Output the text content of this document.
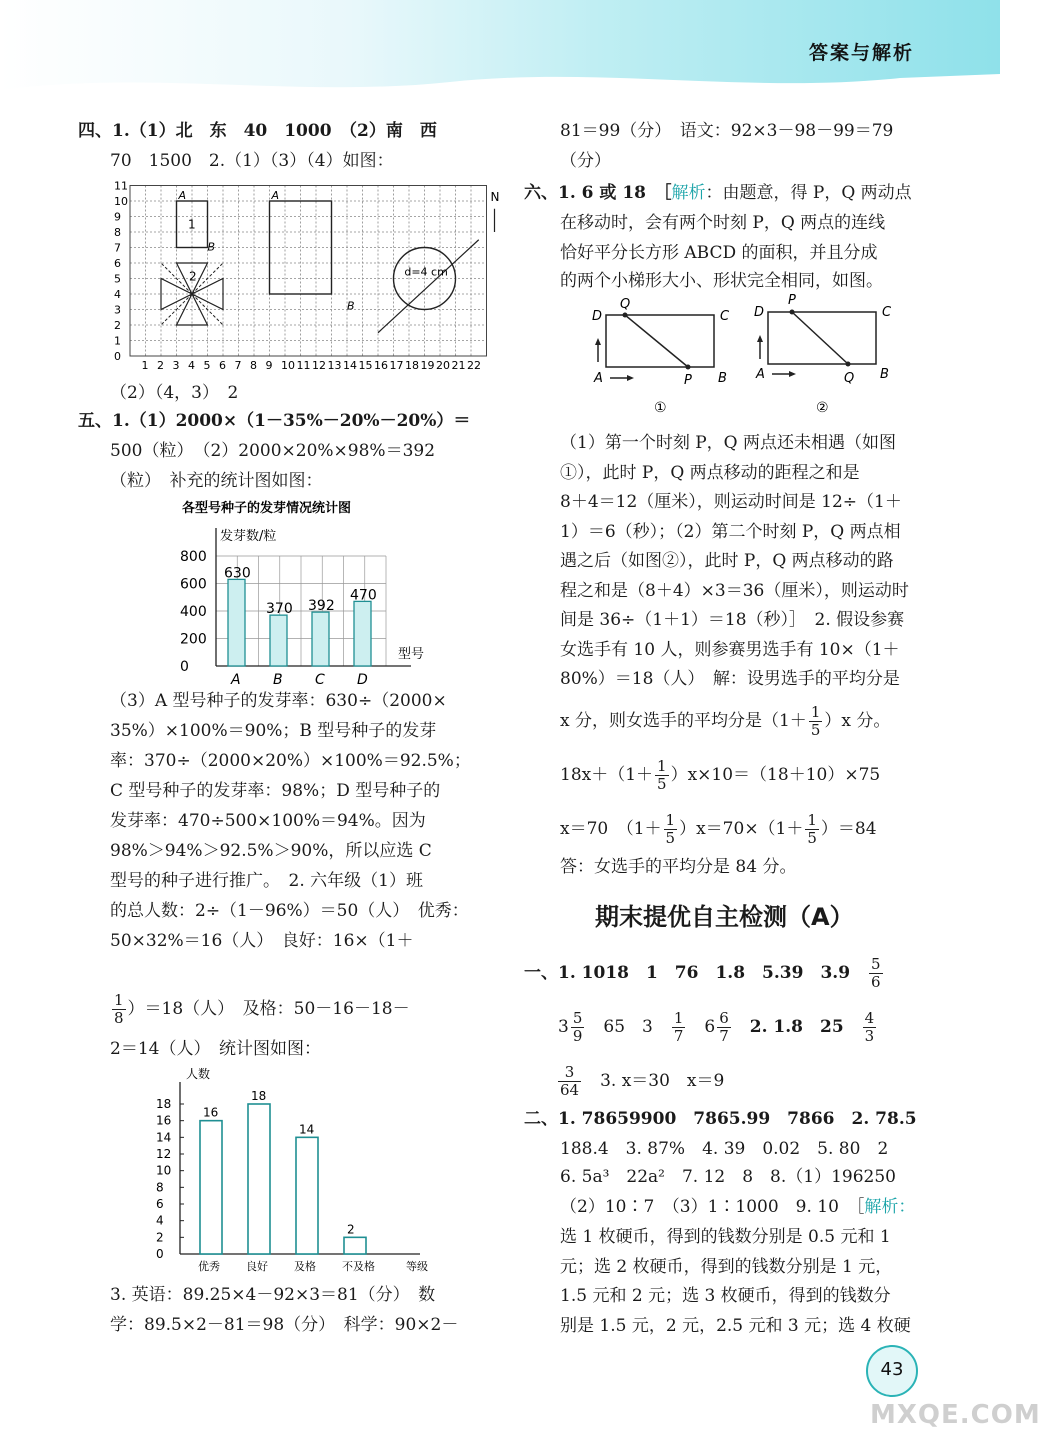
答案与解析
四、1.（1）北　东　40　1000　（2）南　西
70　1500　2.（1）（3）（4）如图：
1 2 3 4 5 6 7 8 9 10 11 12 13 14 15 16 17 18 19 20 21 22
0
1
2
3
4
5
6
7
8
9
10
11
A
1
B
2
A
B
d=4 cm
N
（2）（4，3）　2
五、1.（1）2000×（1－35%－20%－20%）＝
500（粒）　（2）2000×20%×98%＝392
（粒）　补充的统计图如图：
各型号种子的发芽情况统计图
发芽数/粒
0
200
400
600
800
型号
630
A
370
B
392
C
470
D
（3）A 型号种子的发芽率：630÷（2000×
35%）×100%＝90%；B 型号种子的发芽
率：370÷（2000×20%）×100%＝92.5%；
C 型号种子的发芽率：98%；D 型号种子的
发芽率：470÷500×100%＝94%。因为
98%＞94%＞92.5%＞90%，所以应选 C
型号的种子进行推广。　2. 六年级（1）班
的总人数：2÷（1－96%）＝50（人）　优秀：
50×32%＝16（人）　良好：16×（1＋
$\frac{1}{8} )=18$（人）　及格：50－16－18－
2＝14（人）　统计图如图：
人数
0
2
4
6
8
10
12
14
16
18
16
优秀
18
良好
14
及格
2
不及格	等级
3. 英语：89.25×4－92×3＝81（分）　数
学：89.5×2－81＝98（分）　科学：90×2－
81＝99（分）　语文：92×3－98－99＝79
（分）
六、1. 6 或 18　［解析：由题意，得 P，Q 两动点
在移动时，会有两个时刻 P，Q 两点的连线
恰好平分长方形 ABCD 的面积，并且分成
的两个小梯形大小、形状完全相同，如图。
D
Q
C
A	P B
①
D
P
C
A	Q B
②
（1）第一个时刻 P，Q 两点还未相遇（如图
①），此时 P，Q 两点移动的距程之和是
8＋4＝12（厘米），则运动时间是 12÷（1＋
1）＝6（秒）；（2）第二个时刻 P，Q 两点相
遇之后（如图②），此时 P，Q 两点移动的路
程之和是（8＋4）×3＝36（厘米），则运动时
间是 36÷（1＋1）＝18（秒）］　2. 假设参赛
女选手有 10 人，则参赛男选手有 10×（1＋
80%）＝18（人）　解：设男选手的平均分是
x 分，则女选手的平均分是$(1+ \frac{1}{5} )x$ 分。
$18x+(1+ \frac{1}{5} )x\times 10=(18+10)\times 75$
x＝70　$(1+ \frac{1}{5} )x=70\times(1+ \frac{1}{5} )=84$
答：女选手的平均分是 84 分。
期末提优自主检测（A）
一、1. 1018　1　76　1.8　5.39　3.9　 $\frac{5}{6}$
$3 \frac{5}{9}$
　 65　3　 $\frac{1}{7}$
　 $6 \frac{6}{7}$
　 2. 1.8　25　 $\frac{4}{3}$
$\frac{3}{64}$
　 3. x＝30　x＝9
二、1. 78659900　7865.99　7866　2. 78.5
188.4　3. 87%　4. 39　0.02　5. 80　2
6. 5a³　22a²　7. 12　8　8.（1）196250
（2）10∶7　（3）1∶1000　9. 10　［解析：
选 1 枚硬币，得到的钱数分别是 0.5 元和 1
元；选 2 枚硬币，得到的钱数分别是 1 元，
1.5 元和 2 元；选 3 枚硬币，得到的钱数分
别是 1.5 元，2 元，2.5 元和 3 元；选 4 枚硬
43
MXQE.COM
